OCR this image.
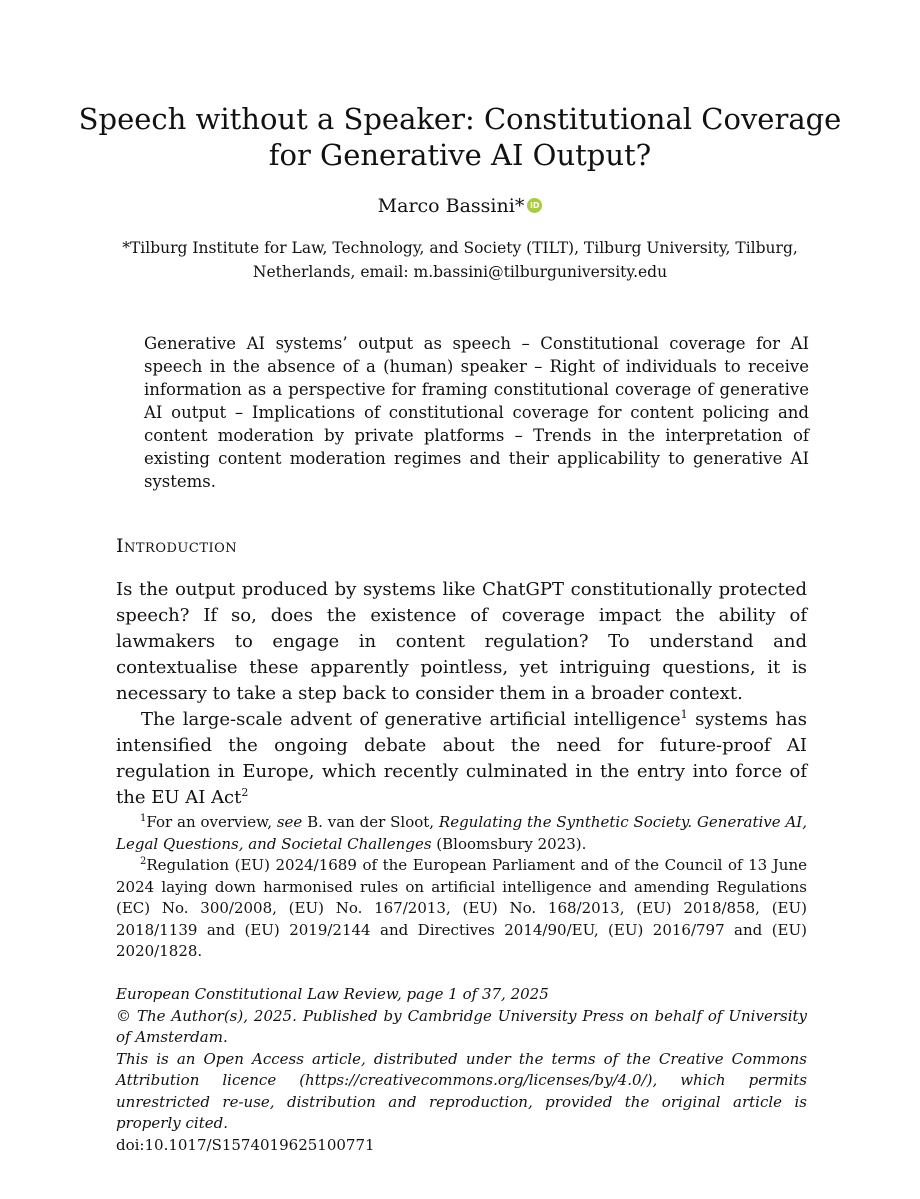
Speech without a Speaker: Constitutional Coverage
for Generative AI Output?
Marco Bassini* iD
*Tilburg Institute for Law, Technology, and Society (TILT), Tilburg University, Tilburg, Netherlands, email: m.bassini@tilburguniversity.edu
Generative AI systems’ output as speech – Constitutional coverage for AI speech in the absence of a (human) speaker – Right of individuals to receive information as a perspective for framing constitutional coverage of generative AI output – Implications of constitutional coverage for content policing and content moderation by private platforms – Trends in the interpretation of existing content moderation regimes and their applicability to generative AI systems.
Introduction

Is the output produced by systems like ChatGPT constitutionally protected speech? If so, does the existence of coverage impact the ability of lawmakers to engage in content regulation? To understand and contextualise these apparently pointless, yet intriguing questions, it is necessary to take a step back to consider them in a broader context.

The large-scale advent of generative artificial intelligence$^1$ systems has intensified the ongoing debate about the need for future-proof AI regulation in Europe, which recently culminated in the entry into force of the EU AI Act$^2$

$^1$For an overview, see B. van der Sloot, Regulating the Synthetic Society. Generative AI, Legal Questions, and Societal Challenges (Bloomsbury 2023).

$^2$Regulation (EU) 2024/1689 of the European Parliament and of the Council of 13 June 2024 laying down harmonised rules on artificial intelligence and amending Regulations (EC) No. 300/2008, (EU) No. 167/2013, (EU) No. 168/2013, (EU) 2018/858, (EU) 2018/1139 and (EU) 2019/2144 and Directives 2014/90/EU, (EU) 2016/797 and (EU) 2020/1828.

European Constitutional Law Review, page 1 of 37, 2025

© The Author(s), 2025. Published by Cambridge University Press on behalf of University of Amsterdam.

This is an Open Access article, distributed under the terms of the Creative Commons Attribution licence (https://creativecommons.org/licenses/by/4.0/), which permits unrestricted re-use, distribution and reproduction, provided the original article is properly cited.

doi:10.1017/S1574019625100771
